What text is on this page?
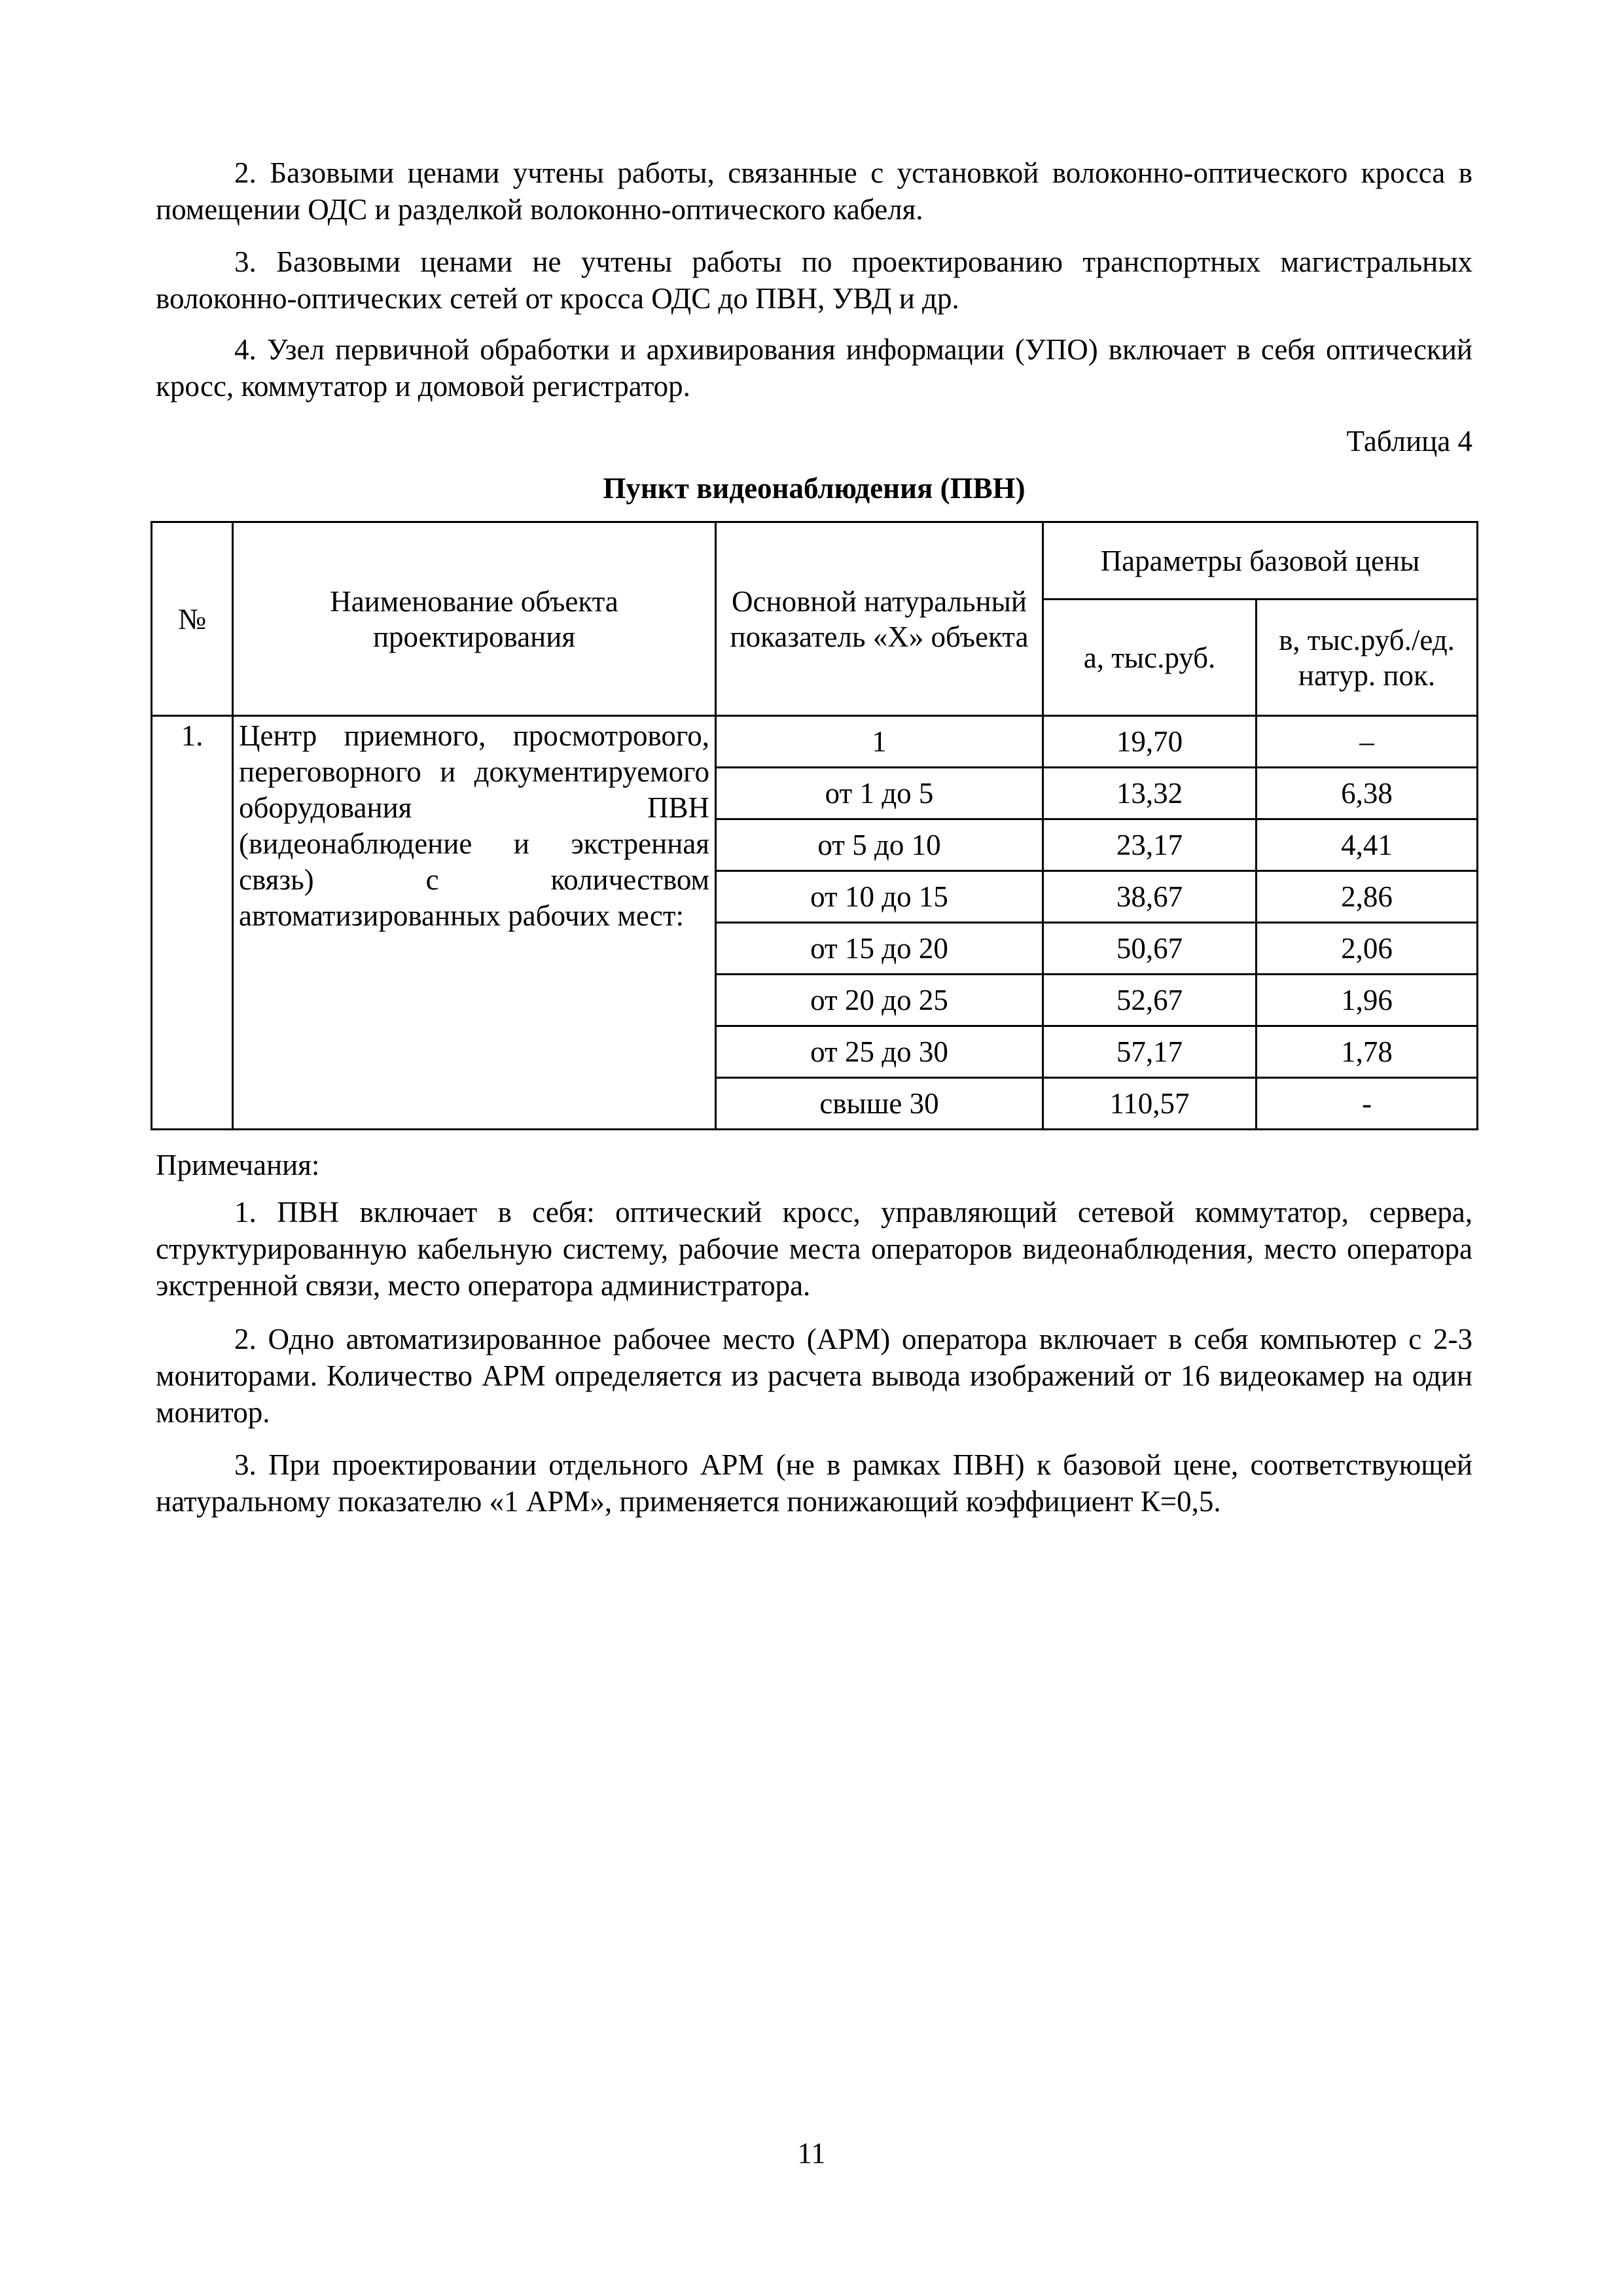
2. Базовыми ценами учтены работы, связанные с установкой волоконно-оптического кросса в помещении ОДС и разделкой волоконно-оптического кабеля.

3. Базовыми ценами не учтены работы по проектированию транспортных магистральных волоконно-оптических сетей от кросса ОДС до ПВН, УВД и др.

4. Узел первичной обработки и архивирования информации (УПО) включает в себя оптический кросс, коммутатор и домовой регистратор.

Таблица 4

Пункт видеонаблюдения (ПВН)

№	Наименование объекта проектирования	Основной натуральный показатель «X» объекта	Параметры базовой цены	
			а, тыс.руб.	в, тыс.руб./ед. натур. пок.
1.	Центр приемного, просмотрового, переговорного и документируемого оборудования ПВН (видеонаблюдение и экстренная связь) с количеством автоматизированных рабочих мест:	1	19,70	–
		от 1 до 5	13,32	6,38
		от 5 до 10	23,17	4,41
		от 10 до 15	38,67	2,86
		от 15 до 20	50,67	2,06
		от 20 до 25	52,67	1,96
		от 25 до 30	57,17	1,78
		свыше 30	110,57	-

Примечания:

1. ПВН включает в себя: оптический кросс, управляющий сетевой коммутатор, сервера, структурированную кабельную систему, рабочие места операторов видеонаблюдения, место оператора экстренной связи, место оператора администратора.

2. Одно автоматизированное рабочее место (АРМ) оператора включает в себя компьютер с 2-3 мониторами. Количество АРМ определяется из расчета вывода изображений от 16 видеокамер на один монитор.

3. При проектировании отдельного АРМ (не в рамках ПВН) к базовой цене, соответствующей натуральному показателю «1 АРМ», применяется понижающий коэффициент К=0,5.

11
